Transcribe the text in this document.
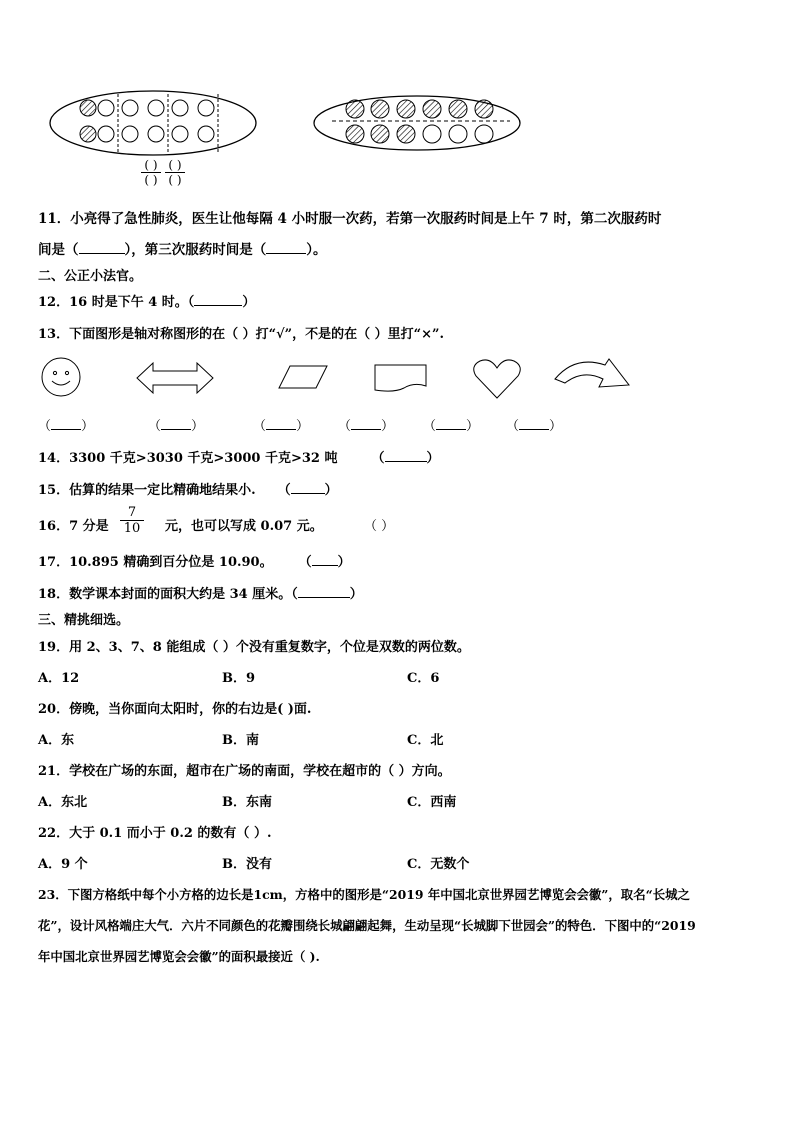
( )
( )
( )
( )
11．小亮得了急性肺炎，医生让他每隔 4 小时服一次药，若第一次服药时间是上午 7 时，第二次服药时
间是（	），第三次服药时间是（	）。
二、公正小法官。
12．16 时是下午 4 时。（	）
13．下面图形是轴对称图形的在（ ）打“√”，不是的在（ ）里打“×”.
（ ）	（ ）	（ ） （ ） （ ） （ ）
14．3300 千克>3030 千克>3000 千克>32 吨	（	）
15．估算的结果一定比精确地结果小. （	）
16．7 分是 $\frac{7}{10}$ 元，也可以写成 0.07 元。	（ ）
17．10.895 精确到百分位是 10.90。 （ ）
18．数学课本封面的面积大约是 34 厘米。（	）
三、精挑细选。
19．用 2、3、7、8 能组成（ ）个没有重复数字，个位是双数的两位数。
A．12	B．9	C．6
20．傍晚，当你面向太阳时，你的右边是( )面.
A．东	B．南	C．北
21．学校在广场的东面，超市在广场的南面，学校在超市的（ ）方向。
A．东北	B．东南	C．西南
22．大于 0.1 而小于 0.2 的数有（ ）.
A．9 个	B．没有	C．无数个
23．下图方格纸中每个小方格的边长是1cm，方格中的图形是“2019 年中国北京世界园艺博览会会徽”，取名“长城之
花”，设计风格端庄大气．六片不同颜色的花瓣围绕长城翩翩起舞，生动呈现“长城脚下世园会”的特色．下图中的“2019
年中国北京世界园艺博览会会徽”的面积最接近（ ).
